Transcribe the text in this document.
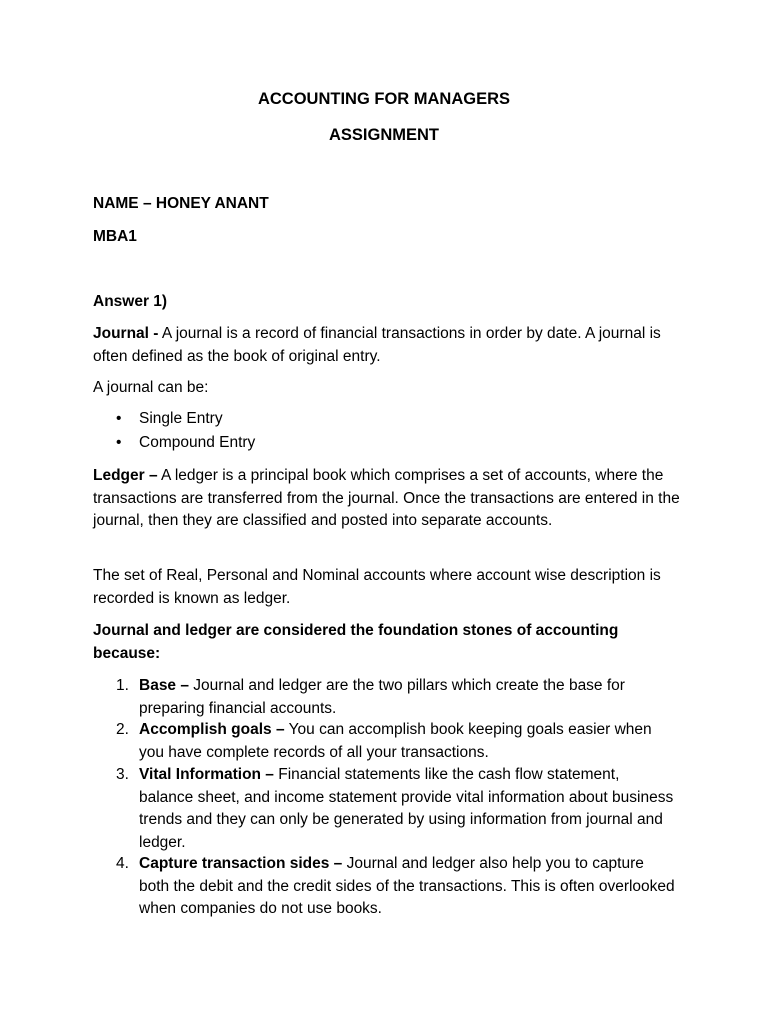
ACCOUNTING FOR MANAGERS
ASSIGNMENT
NAME – HONEY ANANT
MBA1
Answer 1)
Journal - A journal is a record of financial transactions in order by date. A journal is often defined as the book of original entry.
A journal can be:
• Single Entry
• Compound Entry
Ledger – A ledger is a principal book which comprises a set of accounts, where the transactions are transferred from the journal. Once the transactions are entered in the journal, then they are classified and posted into separate accounts.
The set of Real, Personal and Nominal accounts where account wise description is recorded is known as ledger.
Journal and ledger are considered the foundation stones of accounting because:
1. Base – Journal and ledger are the two pillars which create the base for preparing financial accounts.
2. Accomplish goals – You can accomplish book keeping goals easier when you have complete records of all your transactions.
3. Vital Information – Financial statements like the cash flow statement, balance sheet, and income statement provide vital information about business trends and they can only be generated by using information from journal and ledger.
4. Capture transaction sides – Journal and ledger also help you to capture both the debit and the credit sides of the transactions. This is often overlooked when companies do not use books.
